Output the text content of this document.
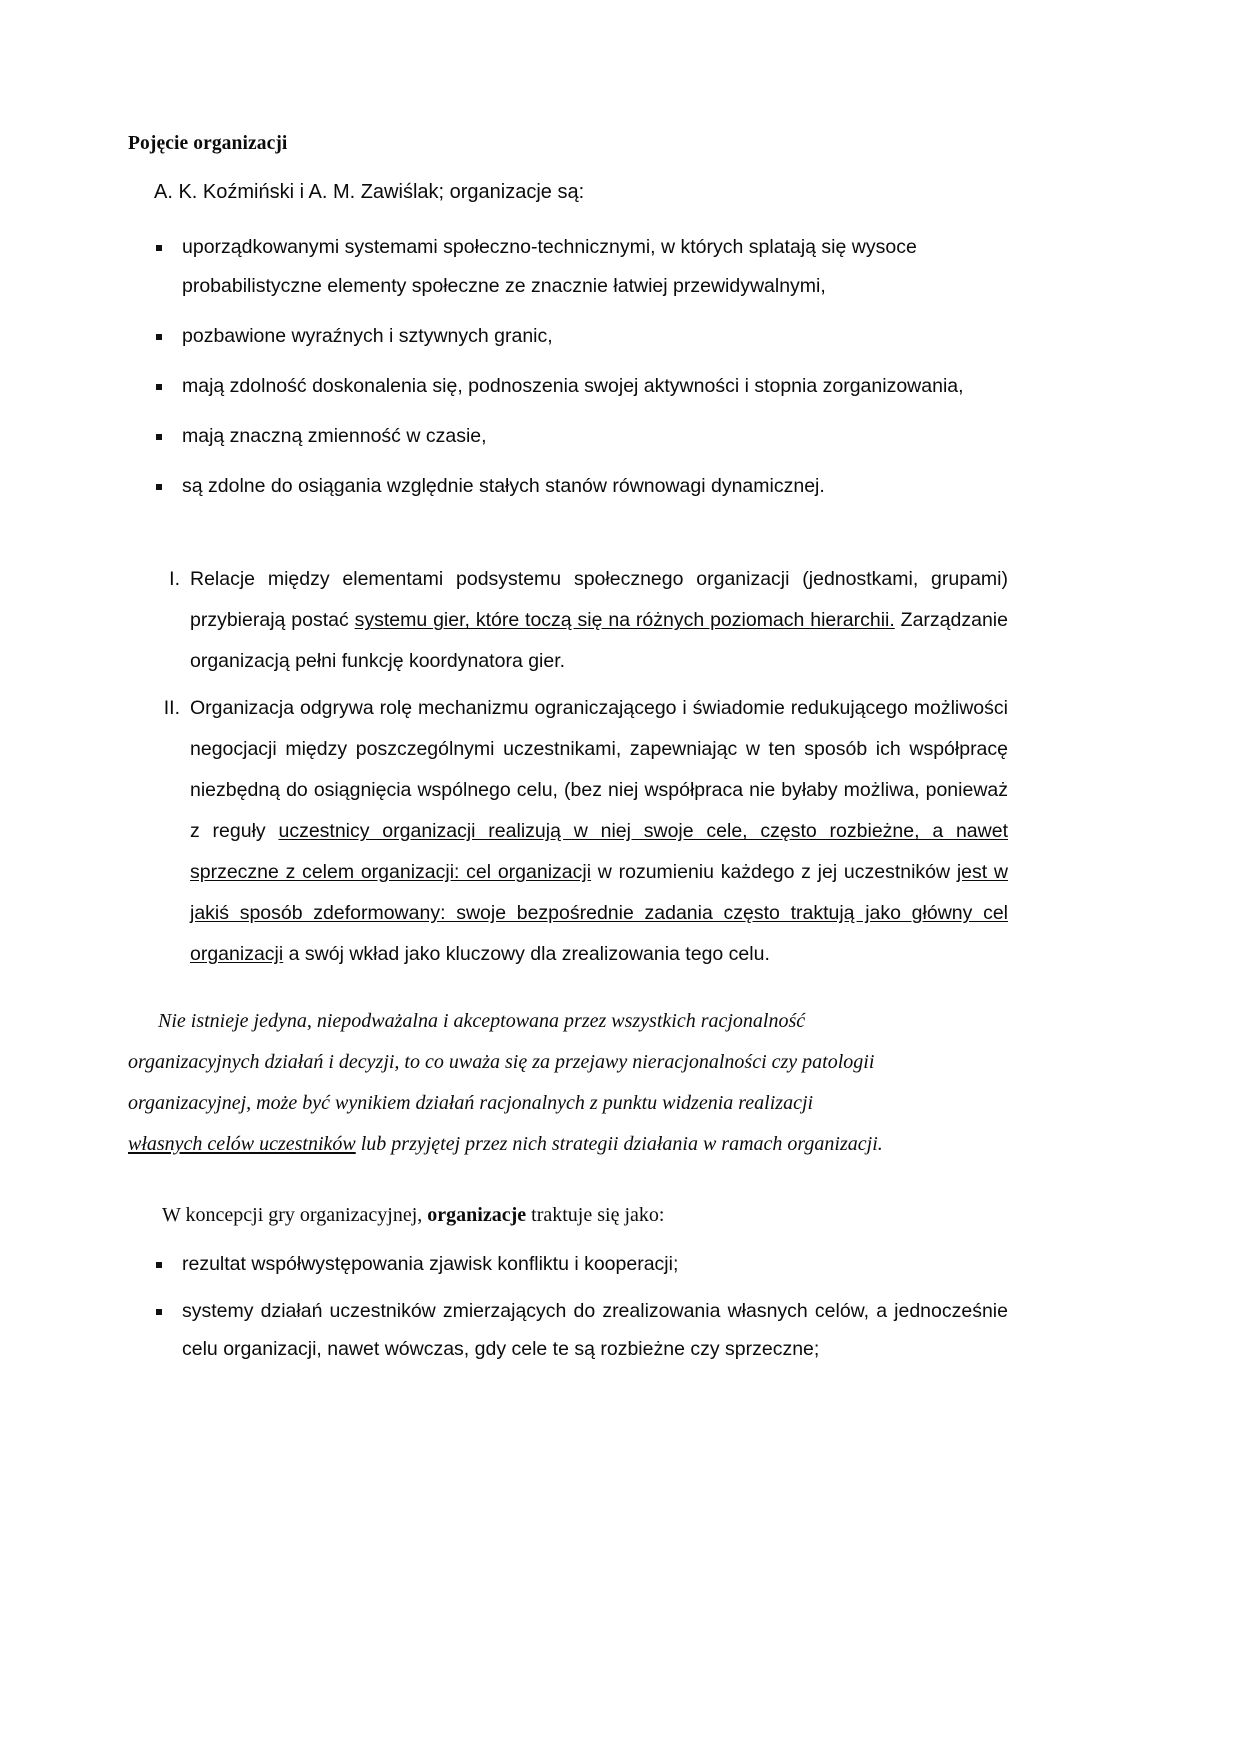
Pojęcie organizacji

A. K. Koźmiński i A. M. Zawiślak; organizacje są:

uporządkowanymi systemami społeczno-technicznymi, w których splatają się wysoce probabilistyczne elementy społeczne ze znacznie łatwiej przewidywalnymi,
pozbawione wyraźnych i sztywnych granic,
mają zdolność doskonalenia się, podnoszenia swojej aktywności i stopnia zorganizowania,
mają znaczną zmienność w czasie,
są zdolne do osiągania względnie stałych stanów równowagi dynamicznej.
I. Relacje między elementami podsystemu społecznego organizacji (jednostkami, grupami) przybierają postać systemu gier, które toczą się na różnych poziomach hierarchii. Zarządzanie organizacją pełni funkcję koordynatora gier.
II. Organizacja odgrywa rolę mechanizmu ograniczającego i świadomie redukującego możliwości negocjacji między poszczególnymi uczestnikami, zapewniając w ten sposób ich współpracę niezbędną do osiągnięcia wspólnego celu, (bez niej współpraca nie byłaby możliwa, ponieważ z reguły uczestnicy organizacji realizują w niej swoje cele, często rozbieżne, a nawet sprzeczne z celem organizacji: cel organizacji w rozumieniu każdego z jej uczestników jest w jakiś sposób zdeformowany: swoje bezpośrednie zadania często traktują jako główny cel organizacji a swój wkład jako kluczowy dla zrealizowania tego celu.
Nie istnieje jedyna, niepodważalna i akceptowana przez wszystkich racjonalność
organizacyjnych działań i decyzji, to co uważa się za przejawy nieracjonalności czy patologii
organizacyjnej, może być wynikiem działań racjonalnych z punktu widzenia realizacji
własnych celów uczestników lub przyjętej przez nich strategii działania w ramach organizacji.

W koncepcji gry organizacyjnej, organizacje traktuje się jako:

rezultat współwystępowania zjawisk konfliktu i kooperacji;
systemy działań uczestników zmierzających do zrealizowania własnych celów, a jednocześnie celu organizacji, nawet wówczas, gdy cele te są rozbieżne czy sprzeczne;
